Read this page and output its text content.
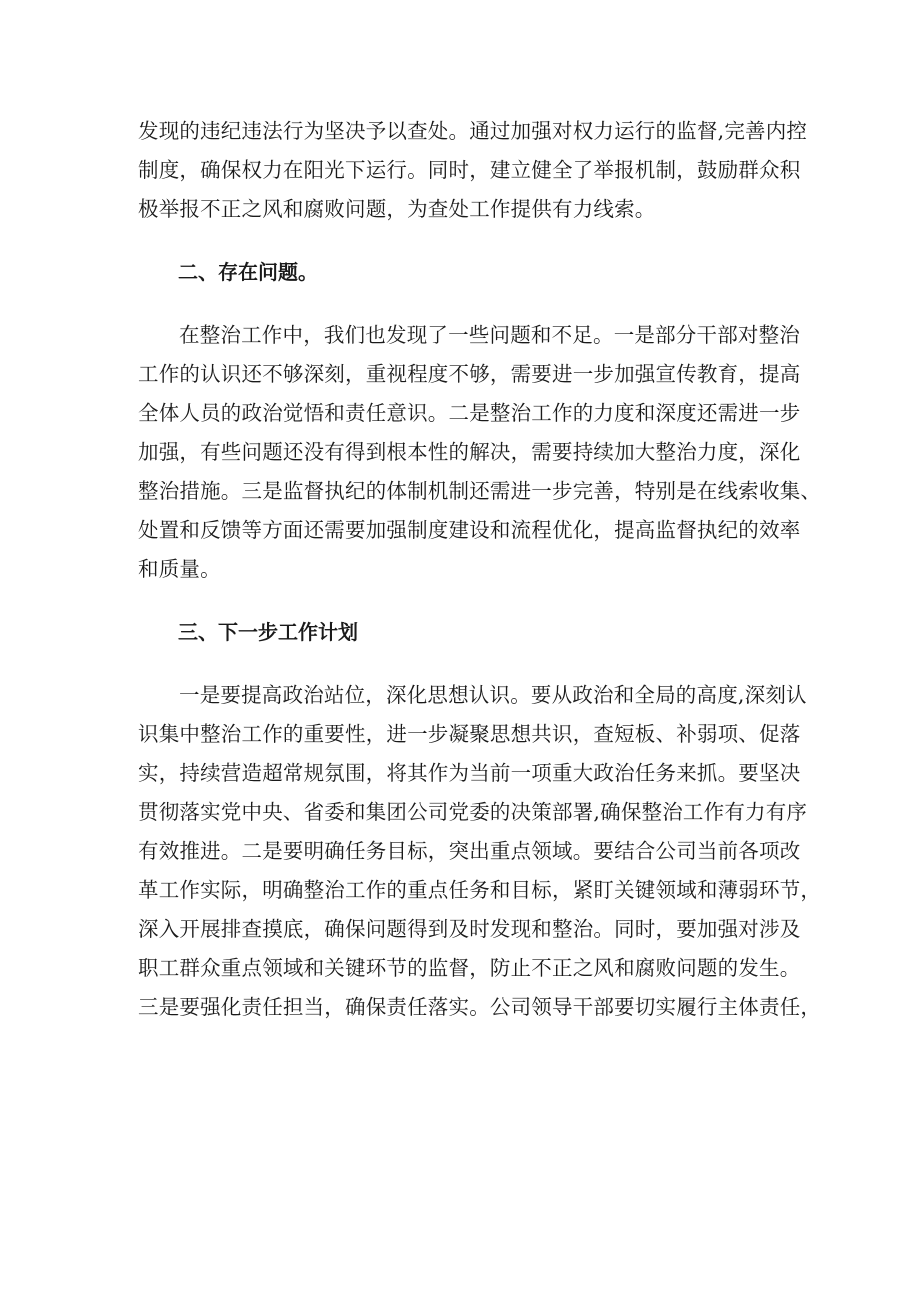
发现的违纪违法行为坚决予以查处。通过加强对权力运行的监督,完善内控
制度，确保权力在阳光下运行。同时，建立健全了举报机制，鼓励群众积
极举报不正之风和腐败问题，为查处工作提供有力线索。
二、存在问题。
在整治工作中，我们也发现了一些问题和不足。一是部分干部对整治
工作的认识还不够深刻，重视程度不够，需要进一步加强宣传教育，提高
全体人员的政治觉悟和责任意识。二是整治工作的力度和深度还需进一步
加强，有些问题还没有得到根本性的解决，需要持续加大整治力度，深化
整治措施。三是监督执纪的体制机制还需进一步完善，特别是在线索收集、
处置和反馈等方面还需要加强制度建设和流程优化，提高监督执纪的效率
和质量。
三、下一步工作计划
一是要提高政治站位，深化思想认识。要从政治和全局的高度,深刻认
识集中整治工作的重要性，进一步凝聚思想共识，查短板、补弱项、促落
实，持续营造超常规氛围，将其作为当前一项重大政治任务来抓。要坚决
贯彻落实党中央、省委和集团公司党委的决策部署,确保整治工作有力有序
有效推进。二是要明确任务目标，突出重点领域。要结合公司当前各项改
革工作实际，明确整治工作的重点任务和目标，紧盯关键领域和薄弱环节，
深入开展排查摸底，确保问题得到及时发现和整治。同时，要加强对涉及
职工群众重点领域和关键环节的监督，防止不正之风和腐败问题的发生。
三是要强化责任担当，确保责任落实。公司领导干部要切实履行主体责任，
